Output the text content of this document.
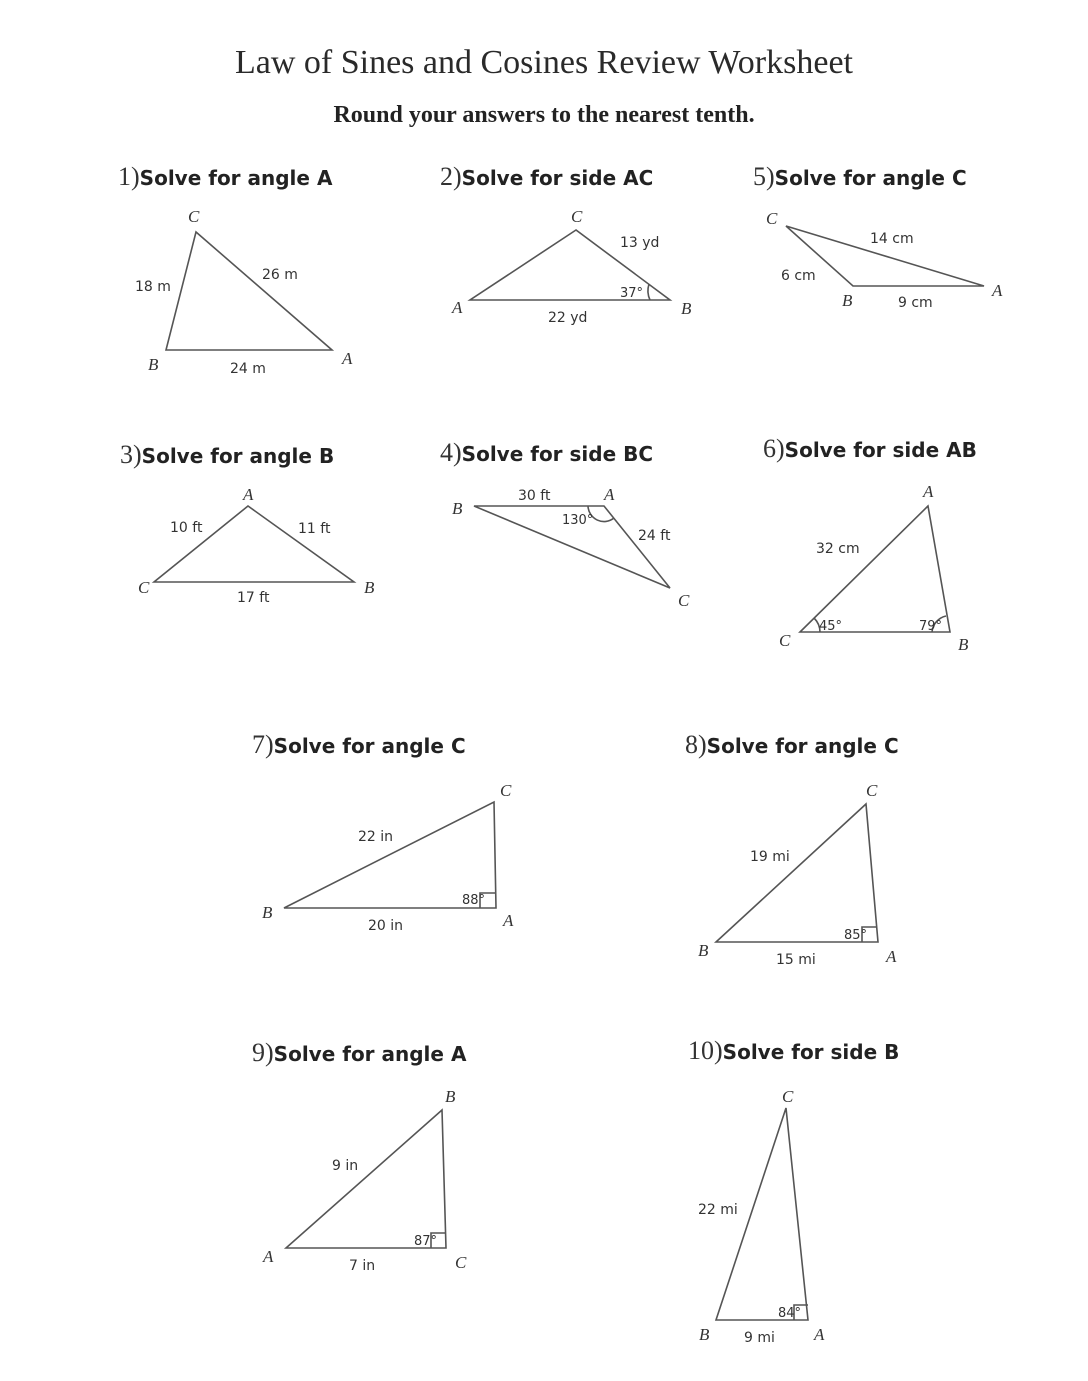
Law of Sines and Cosines Review Worksheet
Round your answers to the nearest tenth.
1)Solve for angle A	2)Solve for side AC	5)Solve for angle C
3)Solve for angle B	4)Solve for side BC	6)Solve for side AB
7)Solve for angle C	8)Solve for angle C
9)Solve for angle A	10)Solve for side B
C
B	A
18 m
26 m
24 m
C
A	B
13 yd
22 yd
37°
C
B
A
14 cm
6 cm
9 cm
A
C	B
10 ft	11 ft
17 ft
B
A
C
30 ft
24 ft
130°
A
C	B
32 cm
45°	79°
C
B	A
22 in
20 in
88°
C
B	A
19 mi
15 mi
85°
B
A	C
9 in
7 in
87°
C
B	A
22 mi
9 mi
84°
